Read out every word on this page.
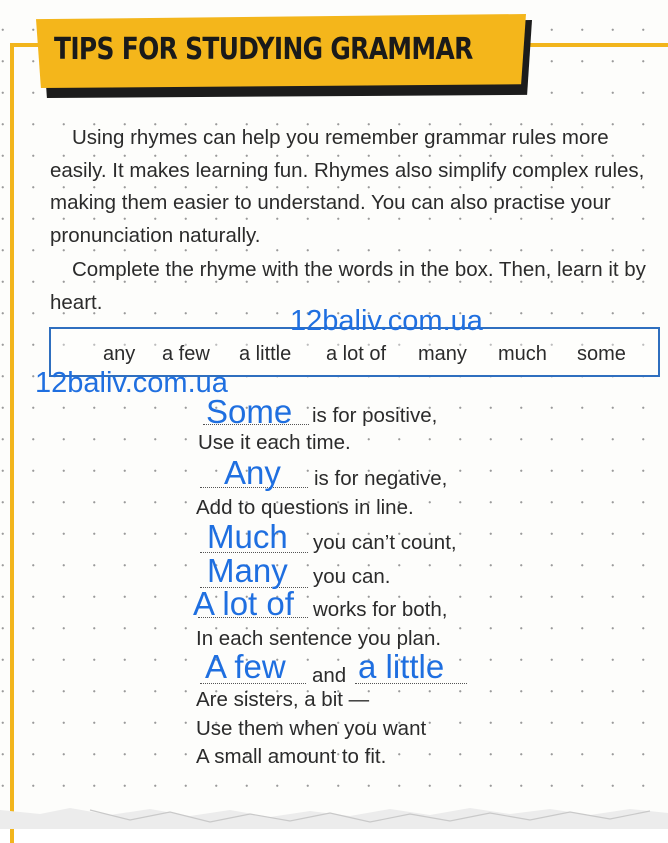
TIPS FOR STUDYING GRAMMAR

Using rhymes can help you remember grammar rules more easily. It makes learning fun. Rhymes also simplify complex rules, making them easier to understand. You can also practise your pronunciation naturally.

Complete the rhyme with the words in the box. Then, learn it by heart.

any a few a little a lot of many much some
12baliv.com.ua
12baliv.com.ua
Some is for positive,
Use it each time.
Any is for negative,
Add to questions in line.
Much you can’t count,
Many you can.
A lot of works for both,
In each sentence you plan.
A few and a little
Are sisters, a bit —
Use them when you want
A small amount to fit.
